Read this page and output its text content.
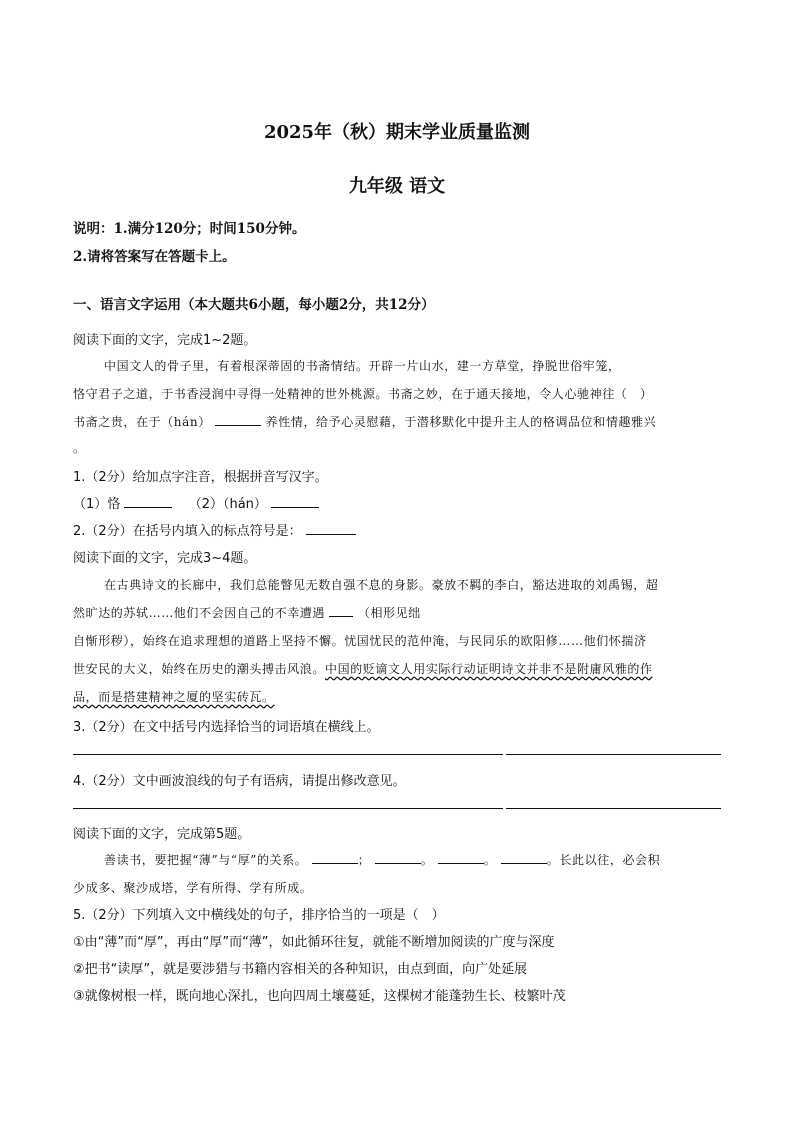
2025年（秋）期末学业质量监测
九年级 语文
说明：1.满分120分；时间150分钟。
2.请将答案写在答题卡上。
一、语言文字运用（本大题共6小题，每小题2分，共12分）
阅读下面的文字，完成1~2题。
中国文人的骨子里，有着根深蒂固的书斋情结。开辟一片山水，建一方草堂，挣脱世俗牢笼，
恪守君子之道，于书香浸润中寻得一处精神的世外桃源。书斋之妙，在于通天接地，令人心驰神往（　）
书斋之贵，在于（hán）	养性情，给予心灵慰藉，于潜移默化中提升主人的格调品位和情趣雅兴
。
1.（2分）给加点字注音，根据拼音写汉字。
（1）恪	（2）（hán）
2.（2分）在括号内填入的标点符号是：
阅读下面的文字，完成3~4题。
在古典诗文的长廊中，我们总能瞥见无数自强不息的身影。豪放不羁的李白，豁达进取的刘禹锡，超
然旷达的苏轼……他们不会因自己的不幸遭遇	（相形见绌
自惭形秽），始终在追求理想的道路上坚持不懈。忧国忧民的范仲淹，与民同乐的欧阳修……他们怀揣济
世安民的大义，始终在历史的潮头搏击风浪。中国的贬谪文人用实际行动证明诗文并非不是附庸风雅的作
品，而是搭建精神之厦的坚实砖瓦。
3.（2分）在文中括号内选择恰当的词语填在横线上。
4.（2分）文中画波浪线的句子有语病，请提出修改意见。
阅读下面的文字，完成第5题。
善读书，要把握“薄”与“厚”的关系。	；	。	。	。长此以往，必会积
少成多、聚沙成塔，学有所得、学有所成。
5.（2分）下列填入文中横线处的句子，排序恰当的一项是（　）
①由“薄”而“厚”，再由“厚”而“薄”，如此循环往复，就能不断增加阅读的广度与深度
②把书“读厚”，就是要涉猎与书籍内容相关的各种知识，由点到面，向广处延展
③就像树根一样，既向地心深扎，也向四周土壤蔓延，这棵树才能蓬勃生长、枝繁叶茂
